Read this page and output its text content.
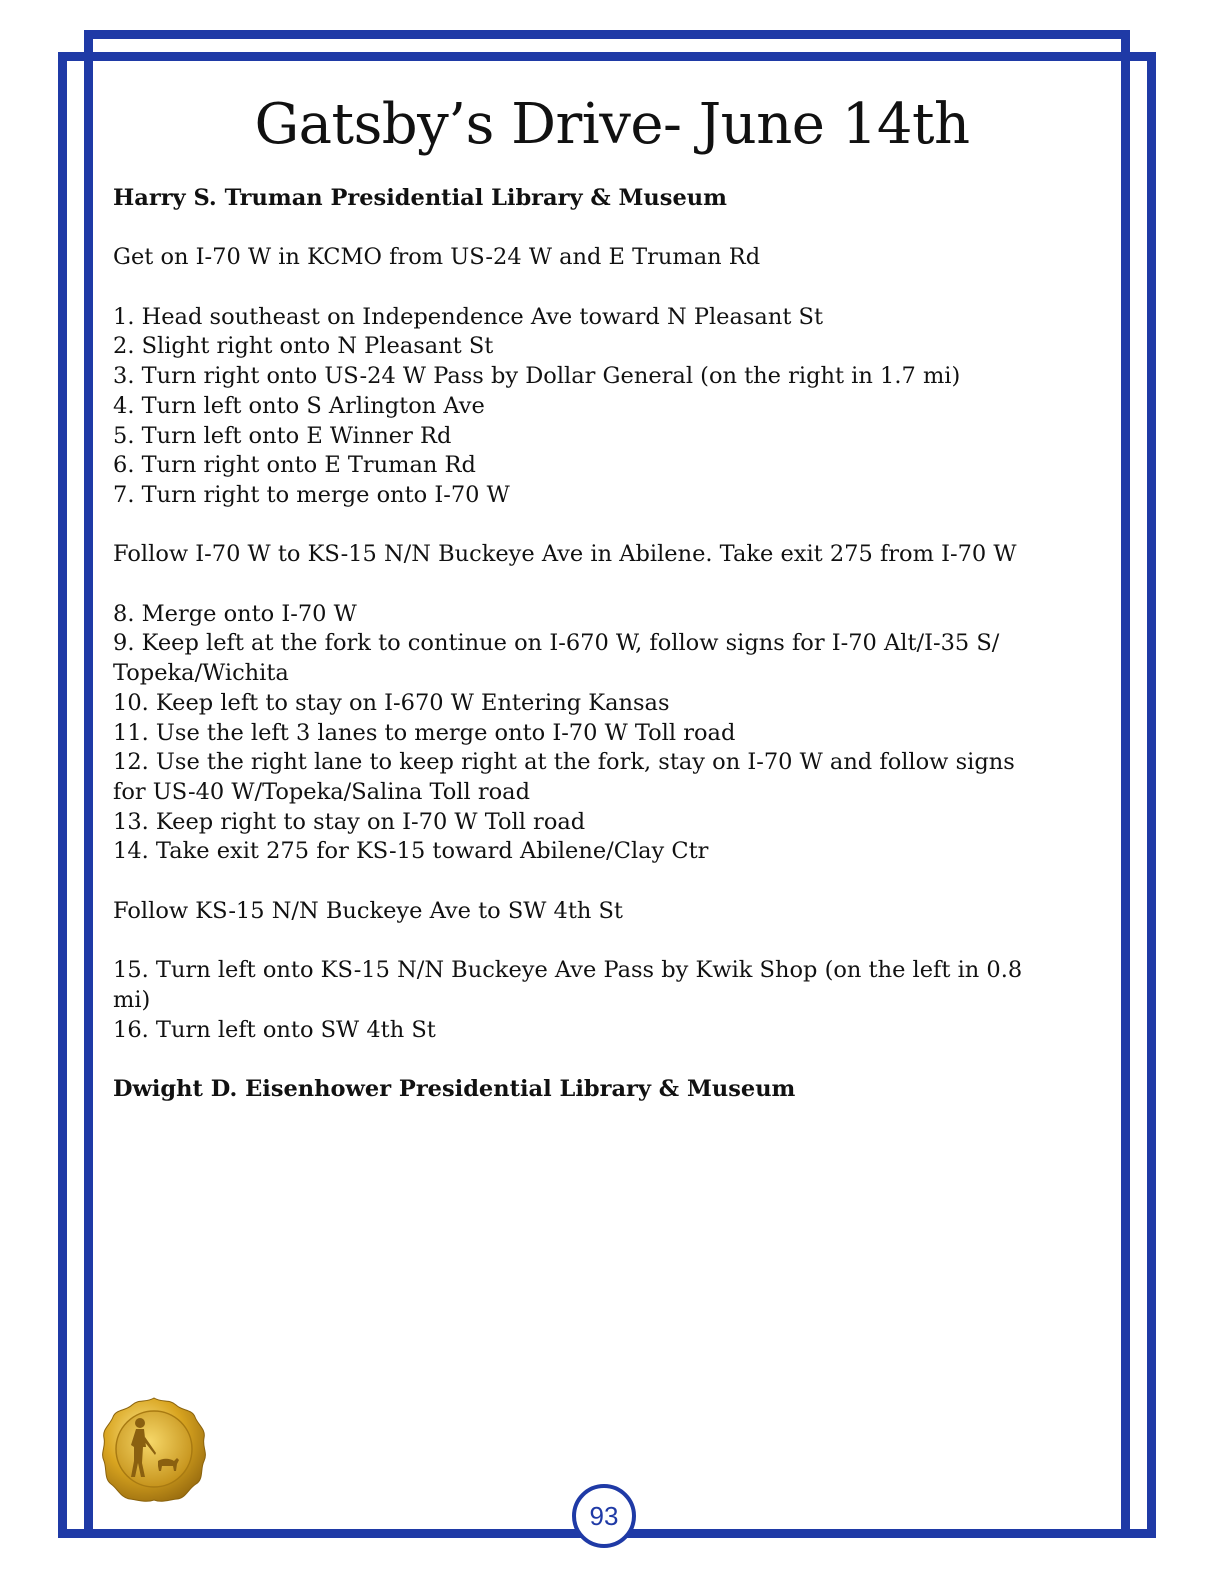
Gatsby’s Drive- June 14th
Harry S. Truman Presidential Library & Museum
Get on I-70 W in KCMO from US-24 W and E Truman Rd
1. Head southeast on Independence Ave toward N Pleasant St
2. Slight right onto N Pleasant St
3. Turn right onto US-24 W Pass by Dollar General (on the right in 1.7 mi)
4. Turn left onto S Arlington Ave
5. Turn left onto E Winner Rd
6. Turn right onto E Truman Rd
7. Turn right to merge onto I-70 W
Follow I-70 W to KS-15 N/N Buckeye Ave in Abilene. Take exit 275 from I-70 W
8. Merge onto I-70 W
9. Keep left at the fork to continue on I-670 W, follow signs for I-70 Alt/I-35 S/
Topeka/Wichita
10. Keep left to stay on I-670 W Entering Kansas
11. Use the left 3 lanes to merge onto I-70 W Toll road
12. Use the right lane to keep right at the fork, stay on I-70 W and follow signs
for US-40 W/Topeka/Salina Toll road
13. Keep right to stay on I-70 W Toll road
14. Take exit 275 for KS-15 toward Abilene/Clay Ctr
Follow KS-15 N/N Buckeye Ave to SW 4th St
15. Turn left onto KS-15 N/N Buckeye Ave Pass by Kwik Shop (on the left in 0.8
mi)
16. Turn left onto SW 4th St
Dwight D. Eisenhower Presidential Library & Museum
93
